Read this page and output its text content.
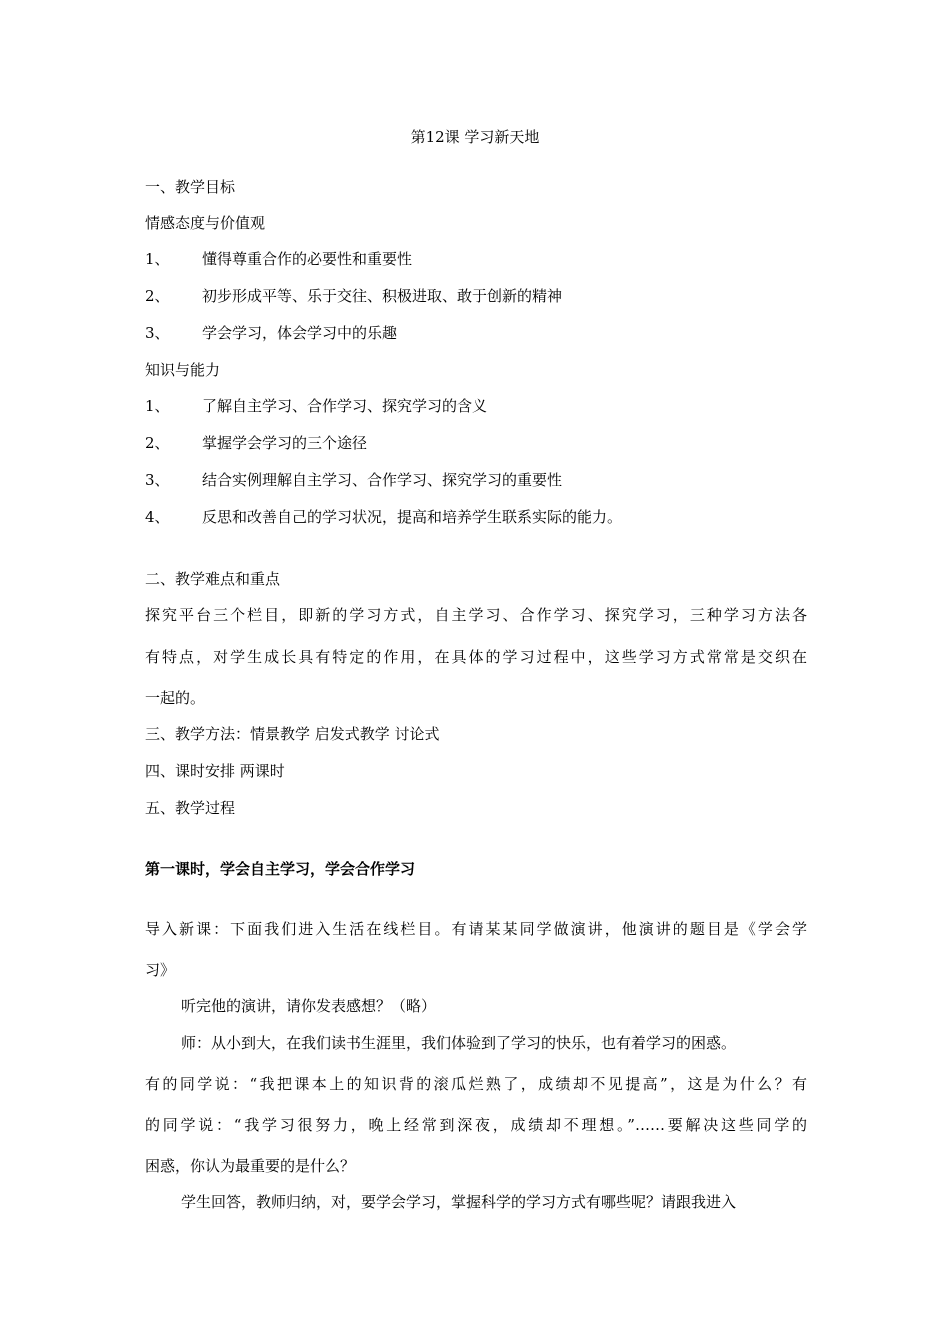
第12课 学习新天地

一、教学目标

情感态度与价值观

1、 懂得尊重合作的必要性和重要性

2、 初步形成平等、乐于交往、积极进取、敢于创新的精神

3、 学会学习，体会学习中的乐趣

知识与能力

1、 了解自主学习、合作学习、探究学习的含义

2、 掌握学会学习的三个途径

3、 结合实例理解自主学习、合作学习、探究学习的重要性

4、 反思和改善自己的学习状况，提高和培养学生联系实际的能力。

二、教学难点和重点

探究平台三个栏目，即新的学习方式，自主学习、合作学习、探究学习，三种学习方法各

有特点，对学生成长具有特定的作用，在具体的学习过程中，这些学习方式常常是交织在

一起的。

三、教学方法：情景教学 启发式教学 讨论式

四、课时安排 两课时

五、教学过程

第一课时，学会自主学习，学会合作学习

导入新课：下面我们进入生活在线栏目。有请某某同学做演讲，他演讲的题目是《学会学

习》

听完他的演讲，请你发表感想？（略）

师：从小到大，在我们读书生涯里，我们体验到了学习的快乐，也有着学习的困惑。

有的同学说：“我把课本上的知识背的滚瓜烂熟了，成绩却不见提高”，这是为什么？有

的同学说：“我学习很努力，晚上经常到深夜，成绩却不理想。”……要解决这些同学的

困惑，你认为最重要的是什么？

学生回答，教师归纳，对，要学会学习，掌握科学的学习方式有哪些呢？请跟我进入
